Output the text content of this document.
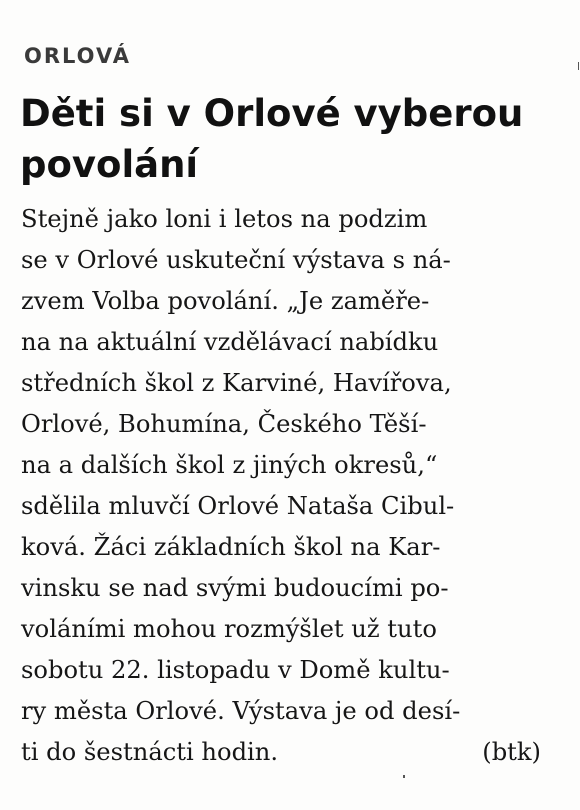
ORLOVÁ
Děti si v Orlové vyberou
povolání
Stejně jako loni i letos na podzim
se v Orlové uskuteční výstava s ná-
zvem Volba povolání. „Je zaměře-
na na aktuální vzdělávací nabídku
středních škol z Karviné, Havířova,
Orlové, Bohumína, Českého Těší-
na a dalších škol z jiných okresů,“
sdělila mluvčí Orlové Nataša Cibul-
ková. Žáci základních škol na Kar-
vinsku se nad svými budoucími po-
voláními mohou rozmýšlet už tuto
sobotu 22. listopadu v Domě kultu-
ry města Orlové. Výstava je od desí-
ti do šestnácti hodin.	(btk)
